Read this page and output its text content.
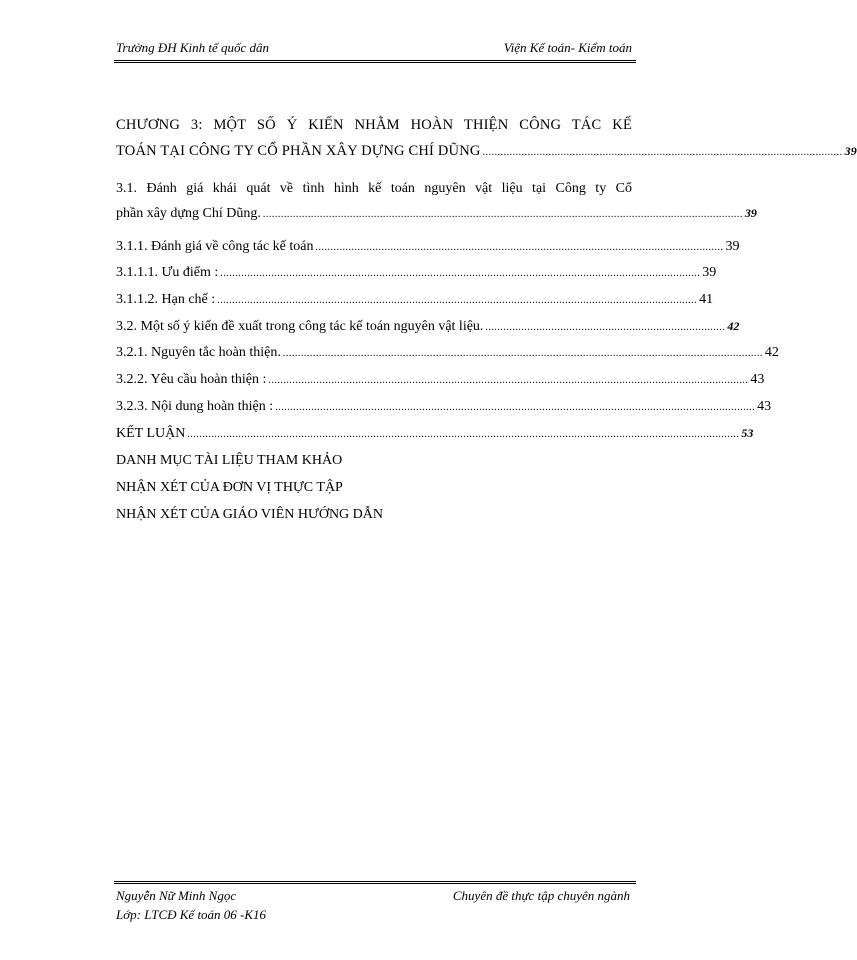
Trường ĐH Kinh tế quốc dân	Viện Kế toán- Kiểm toán
CHƯƠNG 3: MỘT SỐ Ý KIẾN NHẰM HOÀN THIỆN CÔNG TÁC KẾ
TOÁN TẠI CÔNG TY CỔ PHẦN XÂY DỰNG CHÍ DŨNG ........................................................................................................................ 39
3.1. Đánh giá khái quát về tình hình kế toán nguyên vật liệu tại Công ty Cổ
phần xây dựng Chí Dũng. ................................................................................................................................................................ 39
3.1.1. Đánh giá về công tác kế toán ........................................................................................................................................ 39
3.1.1.1. Ưu điểm : ................................................................................................................................................................ 39
3.1.1.2. Hạn chế : ................................................................................................................................................................ 41
3.2. Một số ý kiến đề xuất trong công tác kế toán nguyên vật liệu. ................................................................................ 42
3.2.1. Nguyên tắc hoàn thiện. ................................................................................................................................................................ 42
3.2.2. Yêu cầu hoàn thiện : ................................................................................................................................................................ 43
3.2.3. Nội dung hoàn thiện : ................................................................................................................................................................ 43
KẾT LUẬN ........................................................................................................................................................................................ 53
DANH MỤC TÀI LIỆU THAM KHẢO
NHẬN XÉT CỦA ĐƠN VỊ THỰC TẬP
NHẬN XÉT CỦA GIÁO VIÊN HƯỚNG DẪN
Nguyễn Nữ Minh Ngọc
Lớp: LTCĐ Kế toán 06 -K16
Chuyên đề thực tập chuyên ngành
